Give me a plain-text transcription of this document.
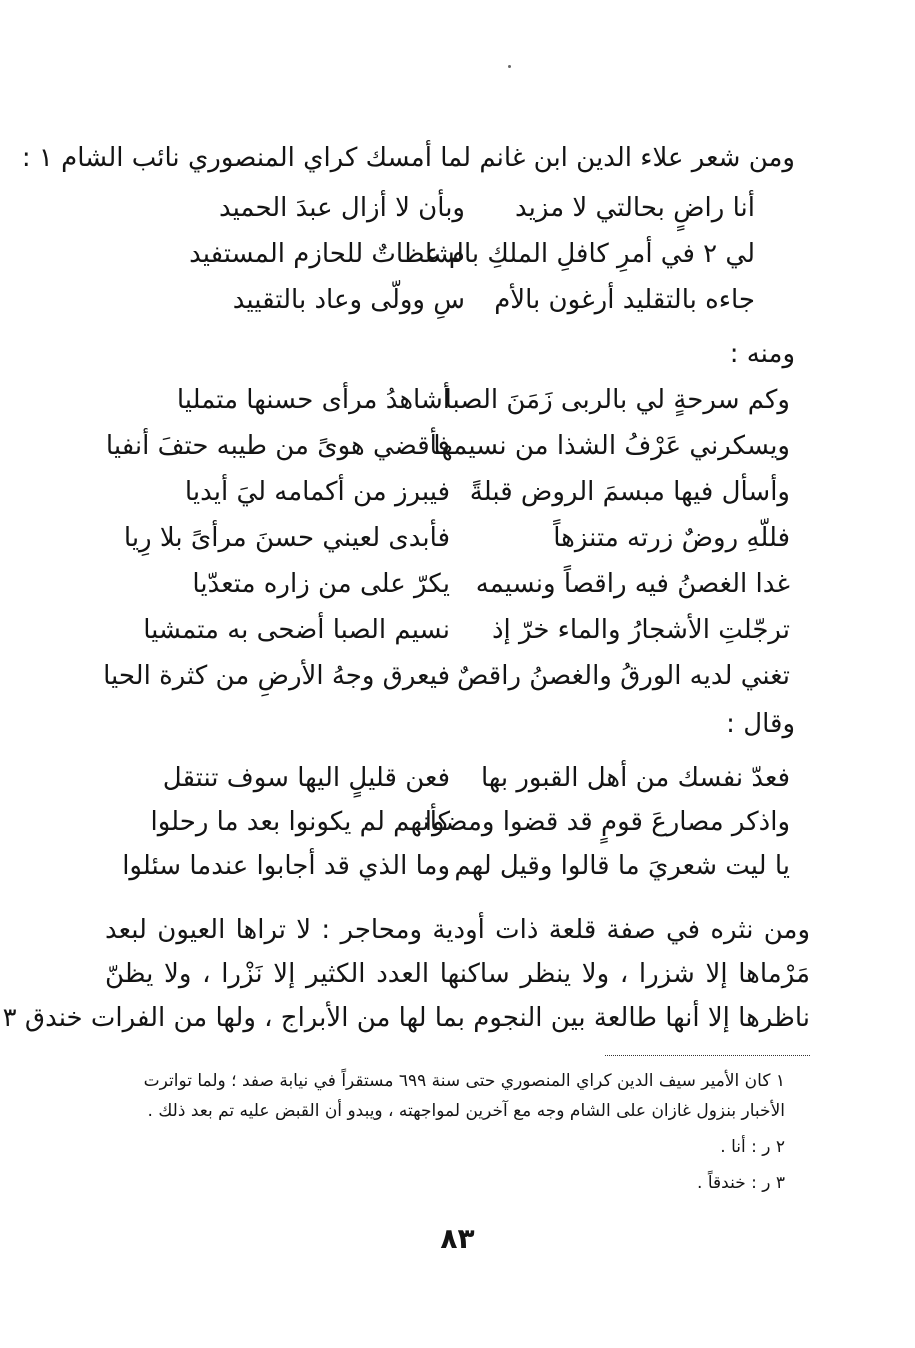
ومن شعر علاء الدين ابن غانم لما أمسك كراي المنصوري نائب الشام ١ :
أنا راضٍ بحالتي لا مزيد
وبأن لا أزال عبدَ الحميد
لي ٢ في أمرِ كافلِ الملكِ بالشا
م عظاتٌ للحازم المستفيد
جاءه بالتقليد أرغون بالأم
سِ وولّى وعاد بالتقييد
ومنه :
وكم سرحةٍ لي بالربى زَمَنَ الصبا
أشاهدُ مرأى حسنها متمليا
ويسكرني عَرْفُ الشذا من نسيمها
فأقضي هوىً من طيبه حتفَ أنفيا
وأسأل فيها مبسمَ الروض قبلةً
فيبرز من أكمامه ليَ أيديا
فللّهِ روضٌ زرته متنزهاً
فأبدى لعيني حسنَ مرأىً بلا رِيا
غدا الغصنُ فيه راقصاً ونسيمه
يكرّ على من زاره متعدّيا
ترجّلتِ الأشجارُ والماء خرّ إذ
نسيم الصبا أضحى به متمشيا
تغني لديه الورقُ والغصنُ راقصٌ
فيعرق وجهُ الأرضِ من كثرة الحيا
وقال :
فعدّ نفسك من أهل القبور بها
فعن قليلٍ اليها سوف تنتقل
واذكر مصارعَ قومٍ قد قضوا ومضوا
كأنهم لم يكونوا بعد ما رحلوا
يا ليت شعريَ ما قالوا وقيل لهم
وما الذي قد أجابوا عندما سئلوا
ومن نثره في صفة قلعة ذات أودية ومحاجر : لا تراها العيون لبعد
مَرْماها إلا شزرا ، ولا ينظر ساكنها العدد الكثير إلا نَزْرا ، ولا يظنّ
ناظرها إلا أنها طالعة بين النجوم بما لها من الأبراج ، ولها من الفرات خندق ٣
١ كان الأمير سيف الدين كراي المنصوري حتى سنة ٦٩٩ مستقراً في نيابة صفد ؛ ولما تواترت
الأخبار بنزول غازان على الشام وجه مع آخرين لمواجهته ، ويبدو أن القبض عليه تم بعد ذلك .
٢ ر : أنا .
٣ ر : خندقاً .
٨٣
